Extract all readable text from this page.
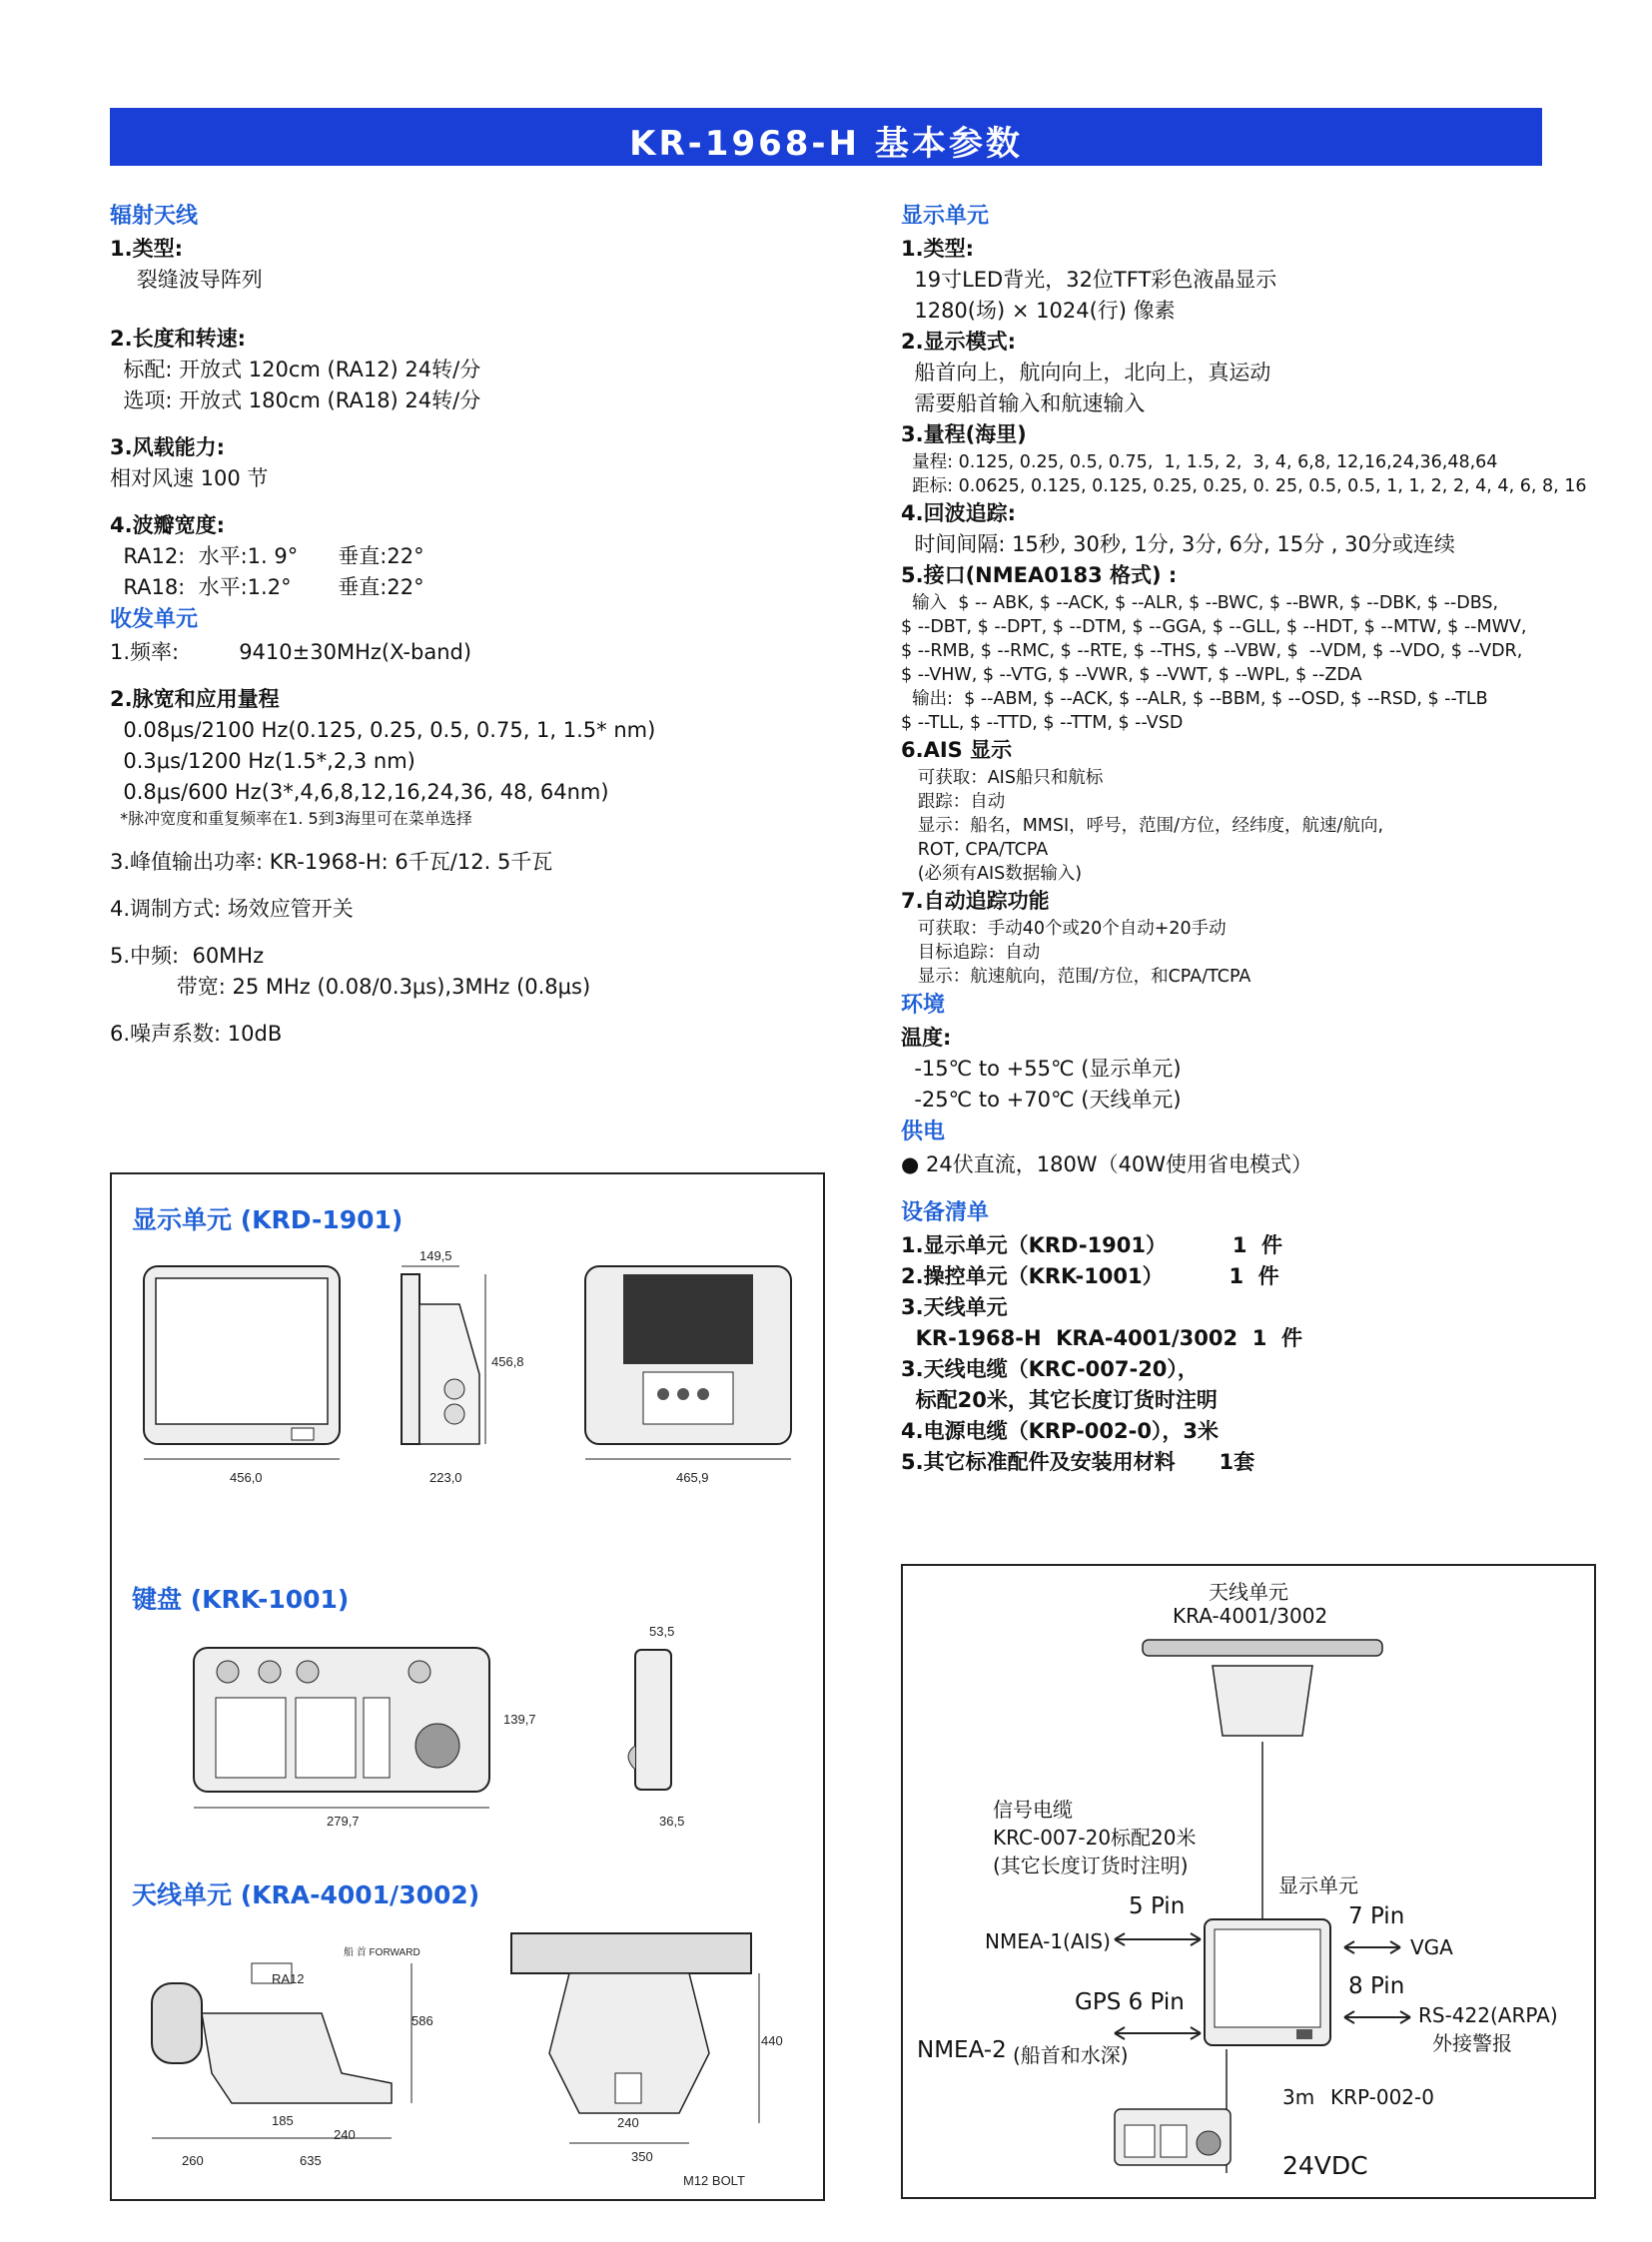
KR-1968-H 基本参数
辐射天线
1.类型:
裂缝波导阵列
2.长度和转速:
标配: 开放式 120cm (RA12) 24转/分
选项: 开放式 180cm (RA18) 24转/分
3.风载能力:
相对风速 100 节
4.波瓣宽度:
RA12:  水平:1. 9°      垂直:22°
RA18:  水平:1.2°       垂直:22°
收发单元
1.频率:         9410±30MHz(X-band)
2.脉宽和应用量程
0.08μs/2100 Hz(0.125, 0.25, 0.5, 0.75, 1, 1.5* nm)
0.3μs/1200 Hz(1.5*,2,3 nm)
0.8μs/600 Hz(3*,4,6,8,12,16,24,36, 48, 64nm)
*脉冲宽度和重复频率在1. 5到3海里可在菜单选择
3.峰值输出功率: KR-1968-H: 6千瓦/12. 5千瓦
4.调制方式: 场效应管开关
5.中频:  60MHz
带宽: 25 MHz (0.08/0.3μs),3MHz (0.8μs)
6.噪声系数: 10dB
显示单元
1.类型:
19寸LED背光，32位TFT彩色液晶显示
1280(场) × 1024(行) 像素
2.显示模式:
船首向上，航向向上，北向上，真运动
需要船首输入和航速输入
3.量程(海里)
量程: 0.125, 0.25, 0.5, 0.75,  1, 1.5, 2,  3, 4, 6,8, 12,16,24,36,48,64
距标: 0.0625, 0.125, 0.125, 0.25, 0.25, 0. 25, 0.5, 0.5, 1, 1, 2, 2, 4, 4, 6, 8, 16
4.回波追踪:
时间间隔: 15秒, 30秒, 1分, 3分, 6分, 15分 , 30分或连续
5.接口(NMEA0183 格式) :
输入  $ -- ABK, $ --ACK, $ --ALR, $ --BWC, $ --BWR, $ --DBK, $ --DBS,
$ --DBT, $ --DPT, $ --DTM, $ --GGA, $ --GLL, $ --HDT, $ --MTW, $ --MWV,
$ --RMB, $ --RMC, $ --RTE, $ --THS, $ --VBW, $  --VDM, $ --VDO, $ --VDR,
$ --VHW, $ --VTG, $ --VWR, $ --VWT, $ --WPL, $ --ZDA
输出:  $ --ABM, $ --ACK, $ --ALR, $ --BBM, $ --OSD, $ --RSD, $ --TLB
$ --TLL, $ --TTD, $ --TTM, $ --VSD
6.AIS 显示
可获取：AIS船只和航标
跟踪：自动
显示：船名，MMSI，呼号，范围/方位，经纬度，航速/航向,
ROT, CPA/TCPA
(必须有AIS数据输入)
7.自动追踪功能
可获取：手动40个或20个自动+20手动
目标追踪：自动
显示：航速航向，范围/方位，和CPA/TCPA
环境
温度:
-15℃ to +55℃ (显示单元)
-25℃ to +70℃ (天线单元)
供电
● 24伏直流，180W（40W使用省电模式）
设备清单
1.显示单元（KRD-1901）         1  件
2.操控单元（KRK-1001）         1  件
3.天线单元
KR-1968-H  KRA-4001/3002  1  件
3.天线电缆（KRC-007-20），
标配20米，其它长度订货时注明
4.电源电缆（KRP-002-0），3米
5.其它标准配件及安装用材料      1套
显示单元 (KRD-1901)
键盘 (KRK-1001)
天线单元 (KRA-4001/3002)
456,0
149,5
456,8
223,0	465,9
279,7
139,7
53,5
36,5
RA12
船 首 FORWARD
586
185
240
260	635
440
240
350
M12 BOLT
天线单元
KRA-4001/3002
信号电缆
KRC-007-20标配20米
(其它长度订货时注明)
显示单元
5 Pin
NMEA-1(AIS)
7 Pin
VGA
8 Pin
RS-422(ARPA)
外接警报
GPS 6 Pin
NMEA-2 (船首和水深)
3m KRP-002-0
24VDC
